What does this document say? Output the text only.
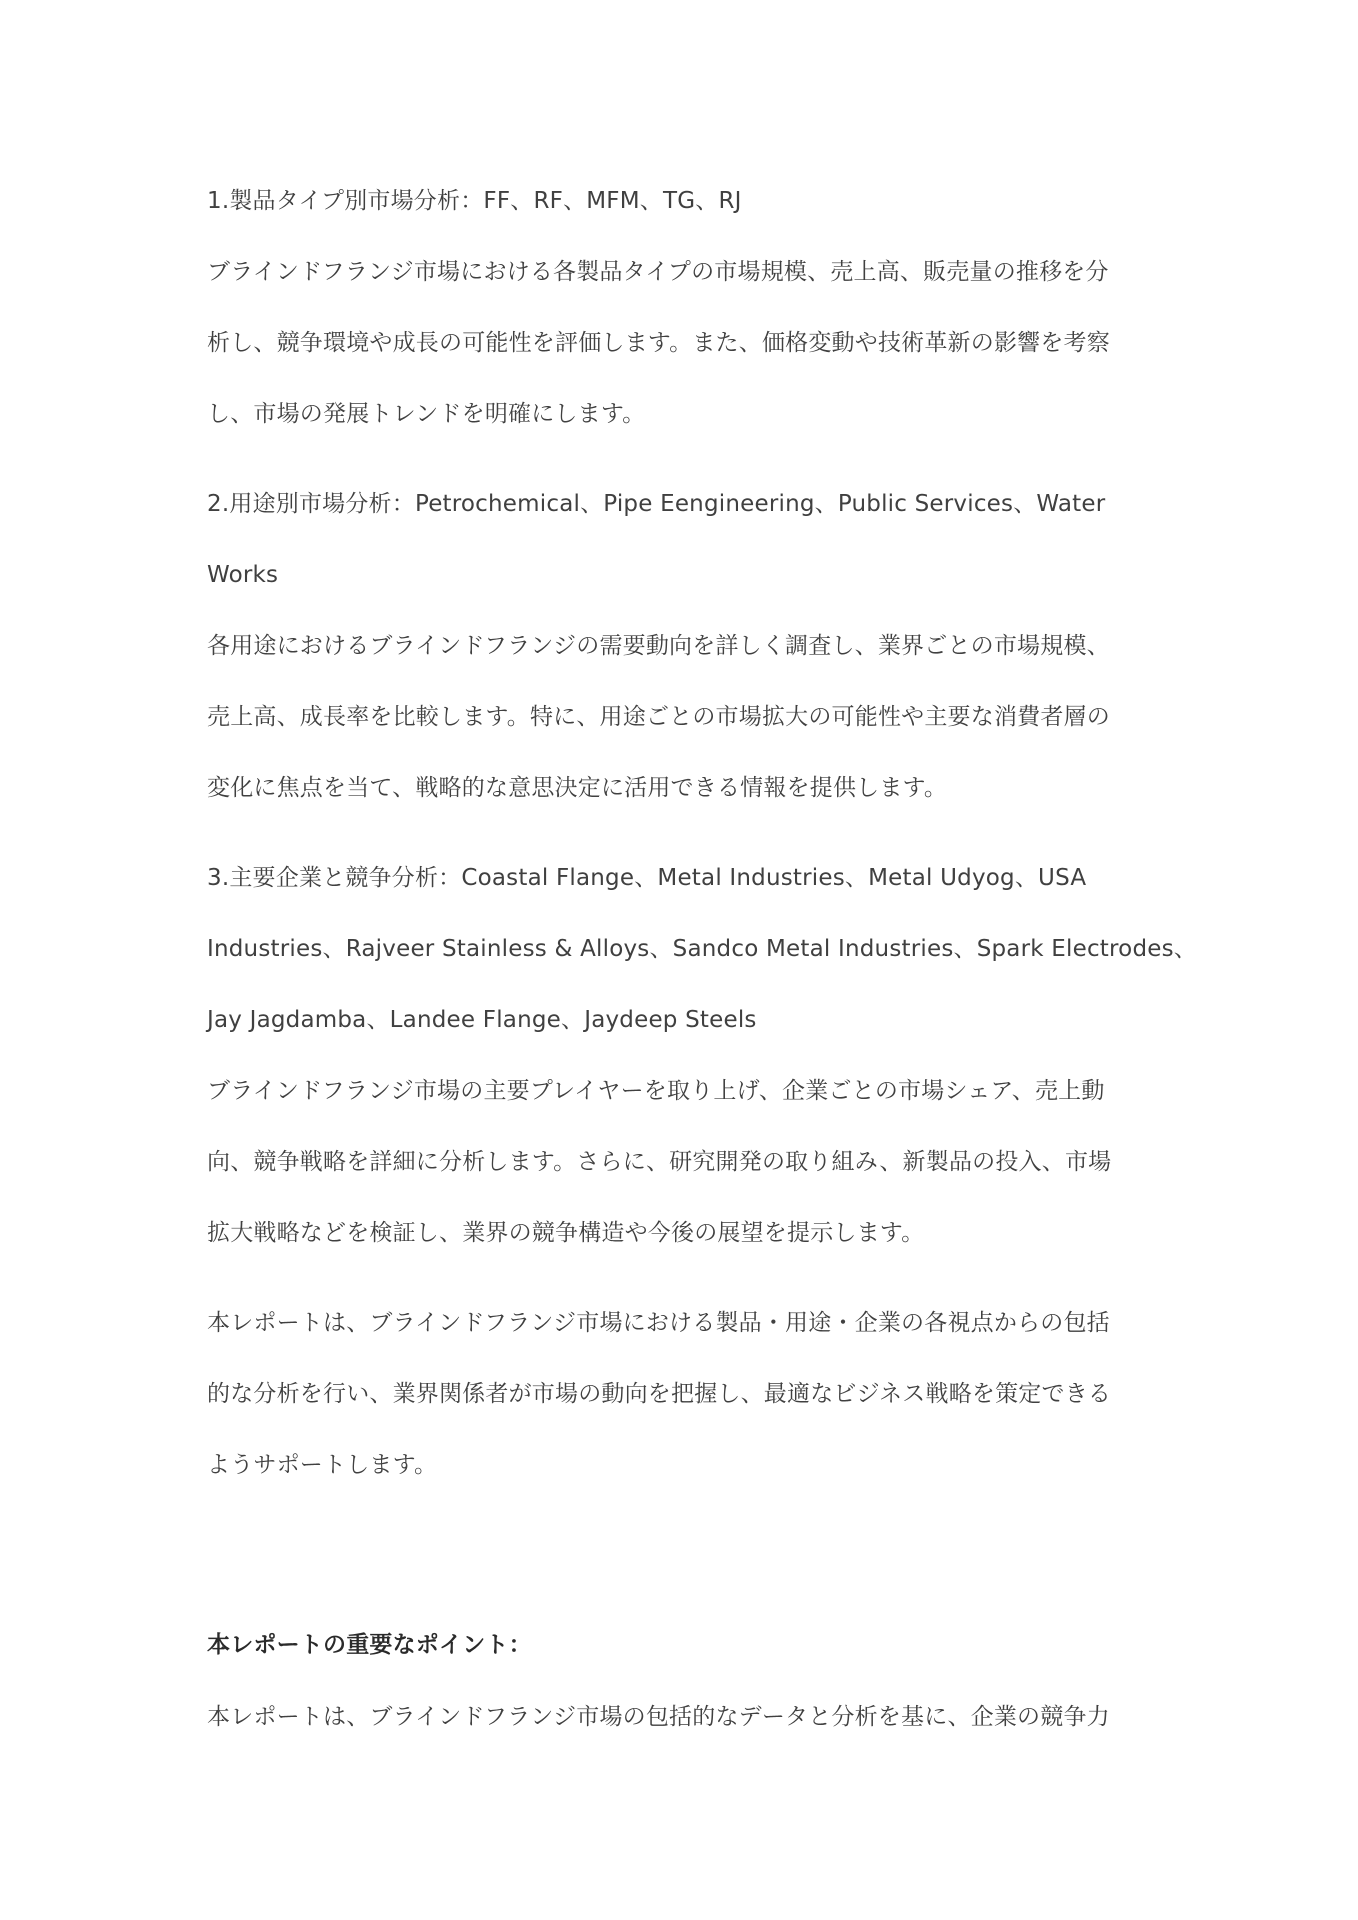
1.製品タイプ別市場分析：FF、RF、MFM、TG、RJ
ブラインドフランジ市場における各製品タイプの市場規模、売上高、販売量の推移を分
析し、競争環境や成長の可能性を評価します。また、価格変動や技術革新の影響を考察
し、市場の発展トレンドを明確にします。
2.用途別市場分析：Petrochemical、Pipe Eengineering、Public Services、Water
Works
各用途におけるブラインドフランジの需要動向を詳しく調査し、業界ごとの市場規模、
売上高、成長率を比較します。特に、用途ごとの市場拡大の可能性や主要な消費者層の
変化に焦点を当て、戦略的な意思決定に活用できる情報を提供します。
3.主要企業と競争分析：Coastal Flange、Metal Industries、Metal Udyog、USA
Industries、Rajveer Stainless & Alloys、Sandco Metal Industries、Spark Electrodes、
Jay Jagdamba、Landee Flange、Jaydeep Steels
ブラインドフランジ市場の主要プレイヤーを取り上げ、企業ごとの市場シェア、売上動
向、競争戦略を詳細に分析します。さらに、研究開発の取り組み、新製品の投入、市場
拡大戦略などを検証し、業界の競争構造や今後の展望を提示します。
本レポートは、ブラインドフランジ市場における製品・用途・企業の各視点からの包括
的な分析を行い、業界関係者が市場の動向を把握し、最適なビジネス戦略を策定できる
ようサポートします。
本レポートの重要なポイント：
本レポートは、ブラインドフランジ市場の包括的なデータと分析を基に、企業の競争力
